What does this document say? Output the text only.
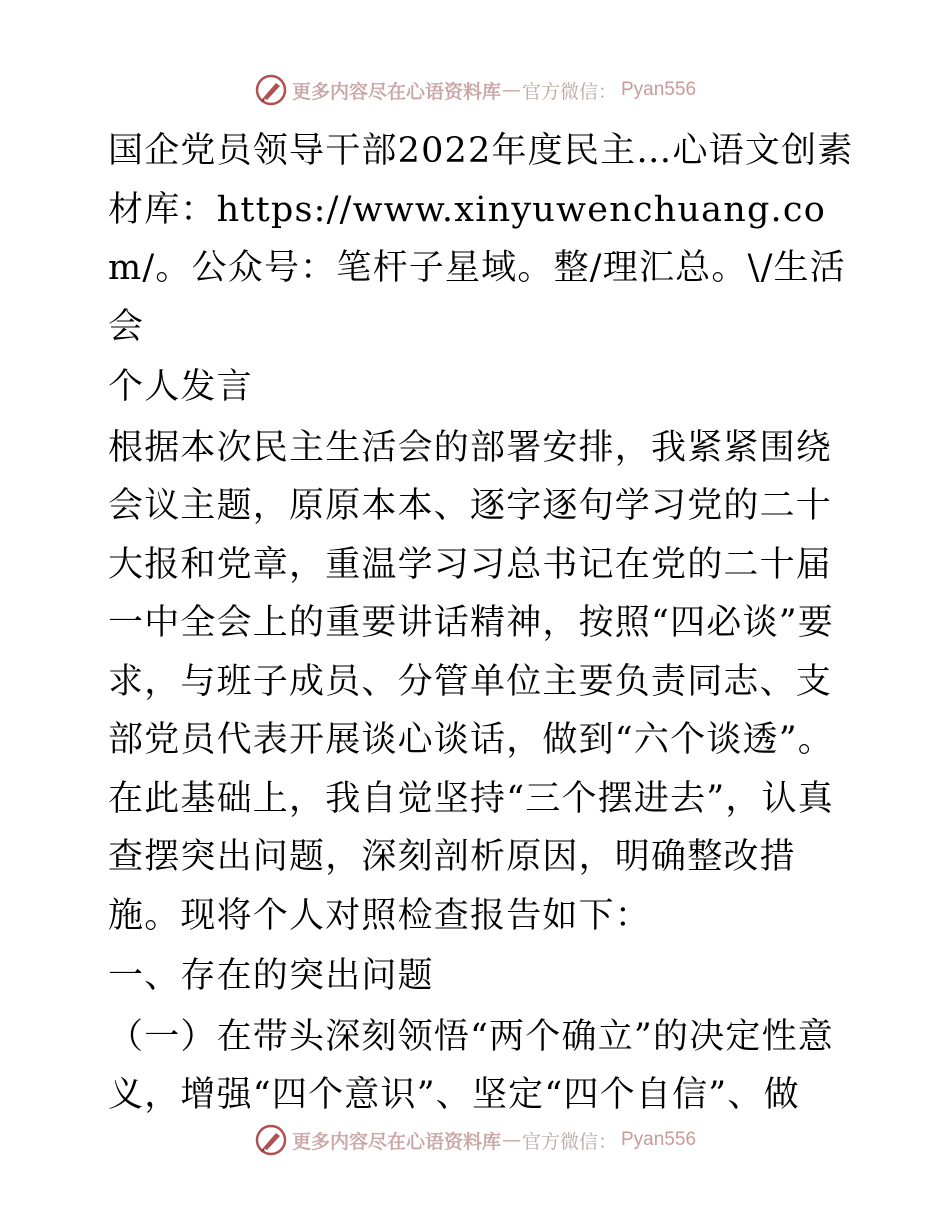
更多内容尽在心语资料库 — 官方微信： Pyan556

国企党员领导干部2022年度民主…心语文创素材库：https://www.xinyuwenchuang.com/。公众号：笔杆子星域。整/理汇总。\/生活会

个人发言

根据本次民主生活会的部署安排，我紧紧围绕会议主题，原原本本、逐字逐句学习党的二十大报和党章，重温学习习总书记在党的二十届一中全会上的重要讲话精神，按照“四必谈”要求，与班子成员、分管单位主要负责同志、支部党员代表开展谈心谈话，做到“六个谈透”。在此基础上，我自觉坚持“三个摆进去”，认真查摆突出问题，深刻剖析原因，明确整改措施。现将个人对照检查报告如下：

一、存在的突出问题

（一）在带头深刻领悟“两个确立”的决定性意义，增强“四个意识”、坚定“四个自信”、做

更多内容尽在心语资料库 — 官方微信： Pyan556
